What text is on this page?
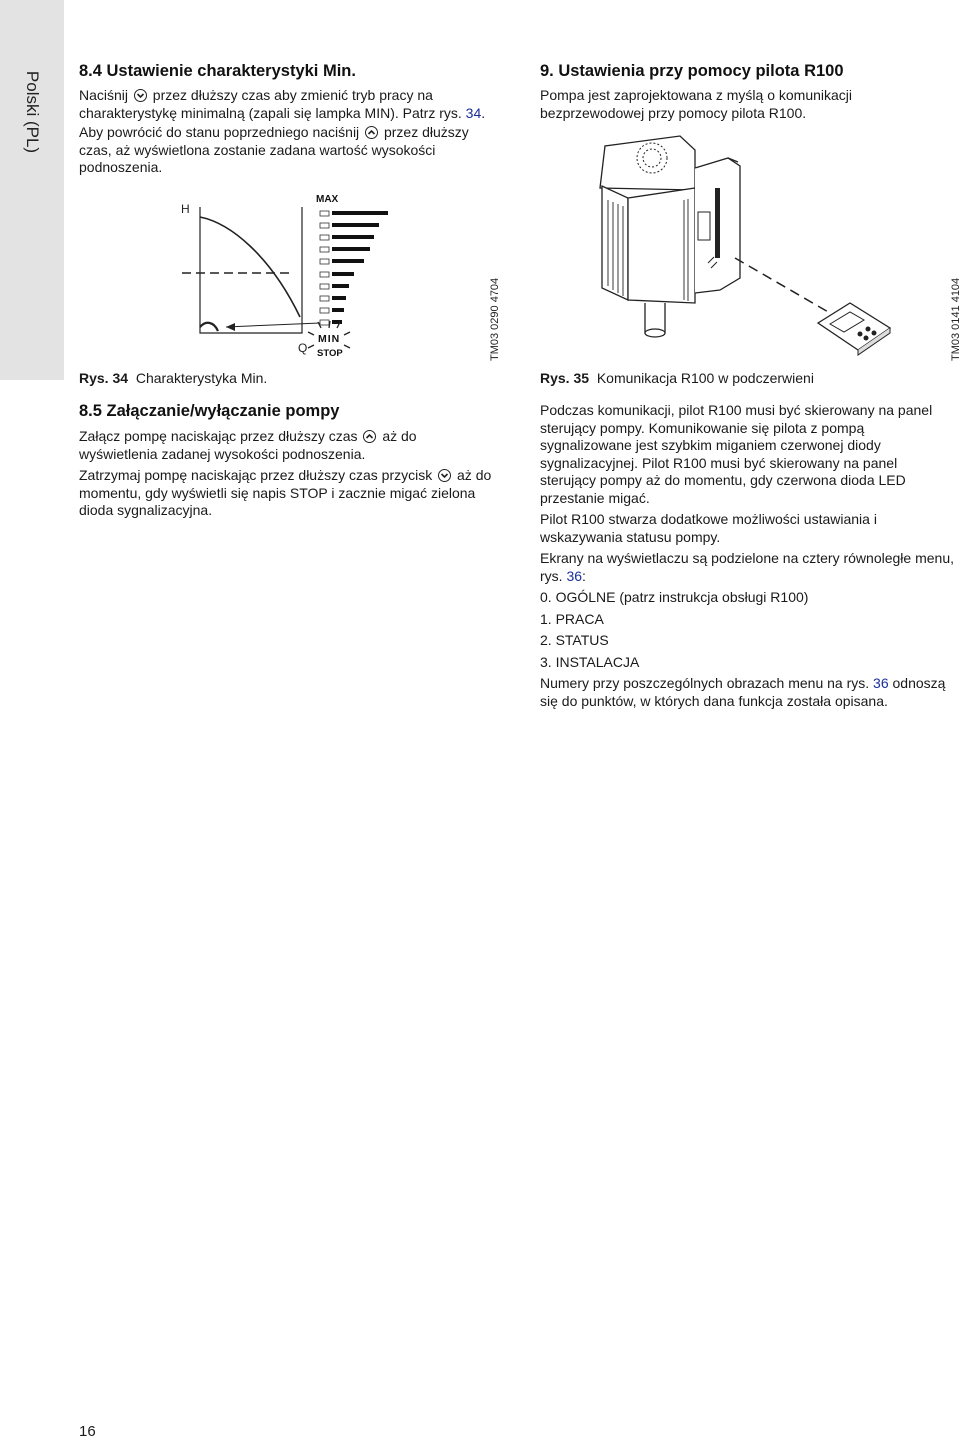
Polski (PL) 8.4 Ustawienie charakterystyki Min.

Naciśnij przez dłuższy czas aby zmienić tryb pracy na charakterystykę minimalną (zapali się lampka MIN). Patrz rys. 34.

Aby powrócić do stanu poprzedniego naciśnij przez dłuższy czas, aż wyświetlona zostanie zadana wartość wysokości podnoszenia.

H
Q
MAX
MIN
STOP	TM03 0290 4704
Rys. 34 Charakterystyka Min.
8.5 Załączanie/wyłączanie pompy

Załącz pompę naciskając przez dłuższy czas aż do wyświetlenia zadanej wysokości podnoszenia.

Zatrzymaj pompę naciskając przez dłuższy czas przycisk aż do momentu, gdy wyświetli się napis STOP i zacznie migać zielona dioda sygnalizacyjna.

9. Ustawienia przy pomocy pilota R100

Pompa jest zaprojektowana z myślą o komunikacji bezprzewodowej przy pomocy pilota R100.

TM03 0141 4104
Rys. 35 Komunikacja R100 w podczerwieni

Podczas komunikacji, pilot R100 musi być skierowany na panel sterujący pompy. Komunikowanie się pilota z pompą sygnalizowane jest szybkim miganiem czerwonej diody sygnalizacyjnej. Pilot R100 musi być skierowany na panel sterujący pompy aż do momentu, gdy czerwona dioda LED przestanie migać.

Pilot R100 stwarza dodatkowe możliwości ustawiania i wskazywania statusu pompy.

Ekrany na wyświetlaczu są podzielone na cztery równoległe menu, rys. 36:

0. OGÓLNE (patrz instrukcja obsługi R100)

1. PRACA

2. STATUS

3. INSTALACJA

Numery przy poszczególnych obrazach menu na rys. 36 odnoszą się do punktów, w których dana funkcja została opisana.

16
